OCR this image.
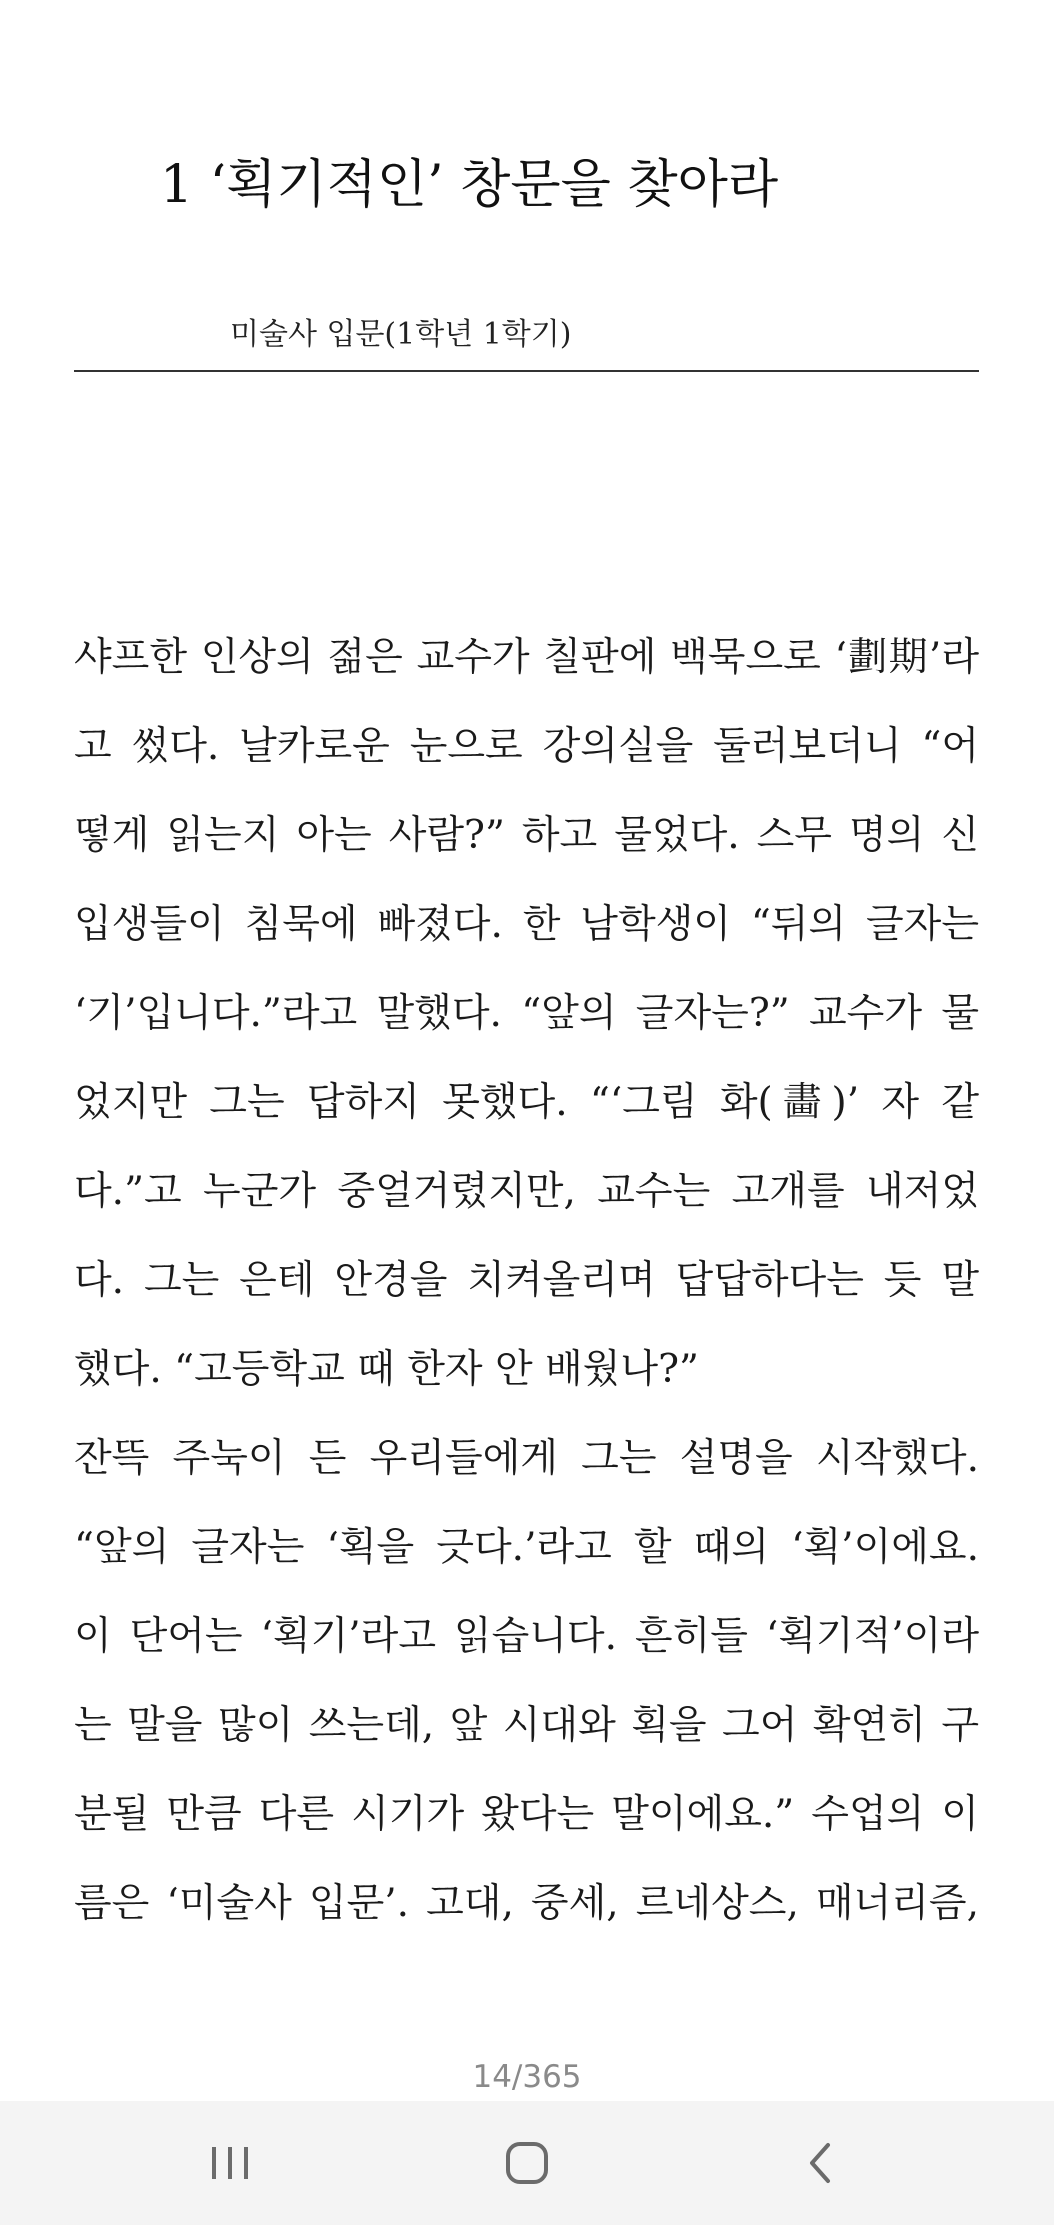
1 ‘획기적인’ 창문을 찾아라
미술사 입문(1학년 1학기)
샤프한 인상의 젊은 교수가 칠판에 백묵으로 ‘劃期’라
고 썼다. 날카로운 눈으로 강의실을 둘러보더니 “어
떻게 읽는지 아는 사람?” 하고 물었다. 스무 명의 신
입생들이 침묵에 빠졌다. 한 남학생이 “뒤의 글자는
‘기’입니다.”라고 말했다. “앞의 글자는?” 교수가 물
었지만 그는 답하지 못했다. “‘그림 화(畵)’ 자 같
다.”고 누군가 중얼거렸지만, 교수는 고개를 내저었
다. 그는 은테 안경을 치켜올리며 답답하다는 듯 말
했다. “고등학교 때 한자 안 배웠나?”
잔뜩 주눅이 든 우리들에게 그는 설명을 시작했다.
“앞의 글자는 ‘획을 긋다.’라고 할 때의 ‘획’이에요.
이 단어는 ‘획기’라고 읽습니다. 흔히들 ‘획기적’이라
는 말을 많이 쓰는데, 앞 시대와 획을 그어 확연히 구
분될 만큼 다른 시기가 왔다는 말이에요.” 수업의 이
름은 ‘미술사 입문’. 고대, 중세, 르네상스, 매너리즘,
14/365
